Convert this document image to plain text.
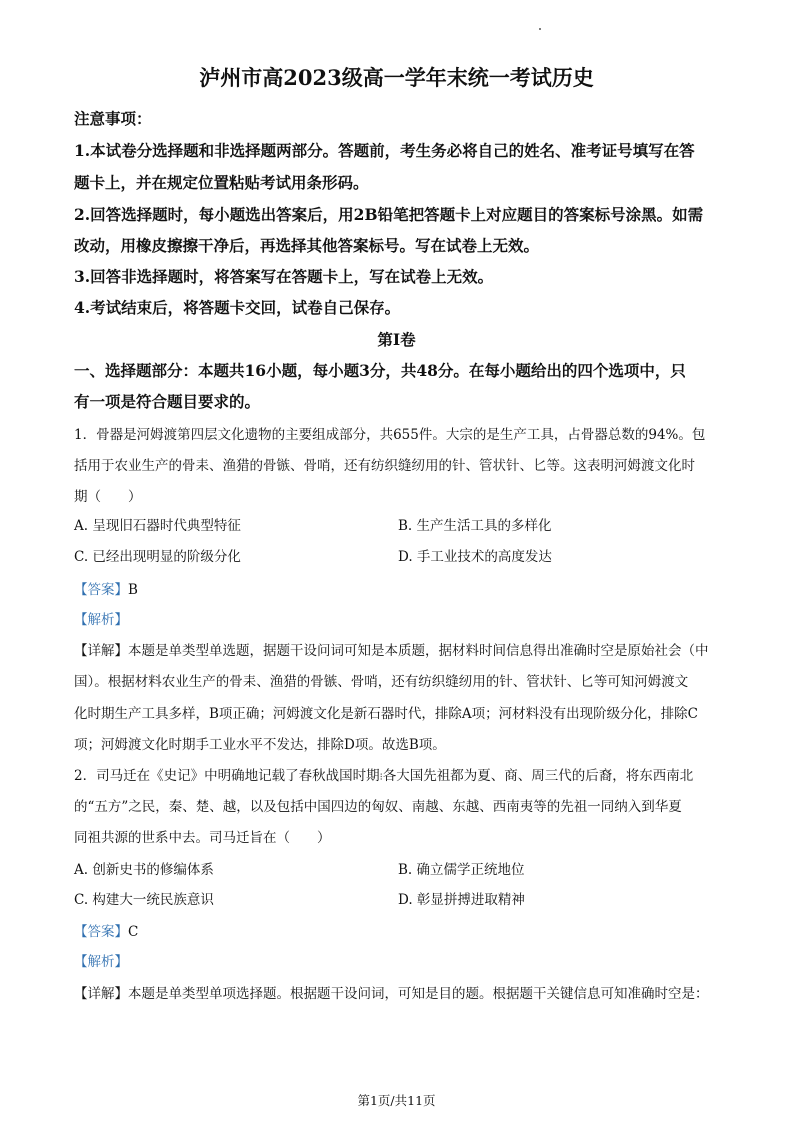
泸州市高2023级高一学年末统一考试历史
注意事项：
1.本试卷分选择题和非选择题两部分。答题前，考生务必将自己的姓名、准考证号填写在答
题卡上，并在规定位置粘贴考试用条形码。
2.回答选择题时，每小题选出答案后，用2B铅笔把答题卡上对应题目的答案标号涂黑。如需
改动，用橡皮擦擦干净后，再选择其他答案标号。写在试卷上无效。
3.回答非选择题时，将答案写在答题卡上，写在试卷上无效。
4.考试结束后，将答题卡交回，试卷自己保存。
第Ⅰ卷
一、选择题部分：本题共16小题，每小题3分，共48分。在每小题给出的四个选项中，只
有一项是符合题目要求的。
1．骨器是河姆渡第四层文化遗物的主要组成部分，共655件。大宗的是生产工具，占骨器总数的94%。包
括用于农业生产的骨耒、渔猎的骨镞、骨哨，还有纺织缝纫用的针、管状针、匕等。这表明河姆渡文化时
期（　　）
A. 呈现旧石器时代典型特征	B. 生产生活工具的多样化
C. 已经出现明显的阶级分化	D. 手工业技术的高度发达
【答案】B
【解析】
【详解】本题是单类型单选题，据题干设问词可知是本质题，据材料时间信息得出准确时空是原始社会（中
国）。根据材料农业生产的骨耒、渔猎的骨镞、骨哨，还有纺织缝纫用的针、管状针、匕等可知河姆渡文
化时期生产工具多样，B项正确；河姆渡文化是新石器时代，排除A项；河材料没有出现阶级分化，排除C
项；河姆渡文化时期手工业水平不发达，排除D项。故选B项。
2．司马迁在《史记》中明确地记载了春秋战国时期⁝各大国先祖都为夏、商、周三代的后裔，将东西南北
的“五方”之民，秦、楚、越，以及包括中国四边的匈奴、南越、东越、西南夷等的先祖一同纳入到华夏
同祖共源的世系中去。司马迁旨在（　　）
A. 创新史书的修编体系	B. 确立儒学正统地位
C. 构建大一统民族意识	D. 彰显拼搏进取精神
【答案】C
【解析】
【详解】本题是单类型单项选择题。根据题干设问词，可知是目的题。根据题干关键信息可知准确时空是：
第1页/共11页
